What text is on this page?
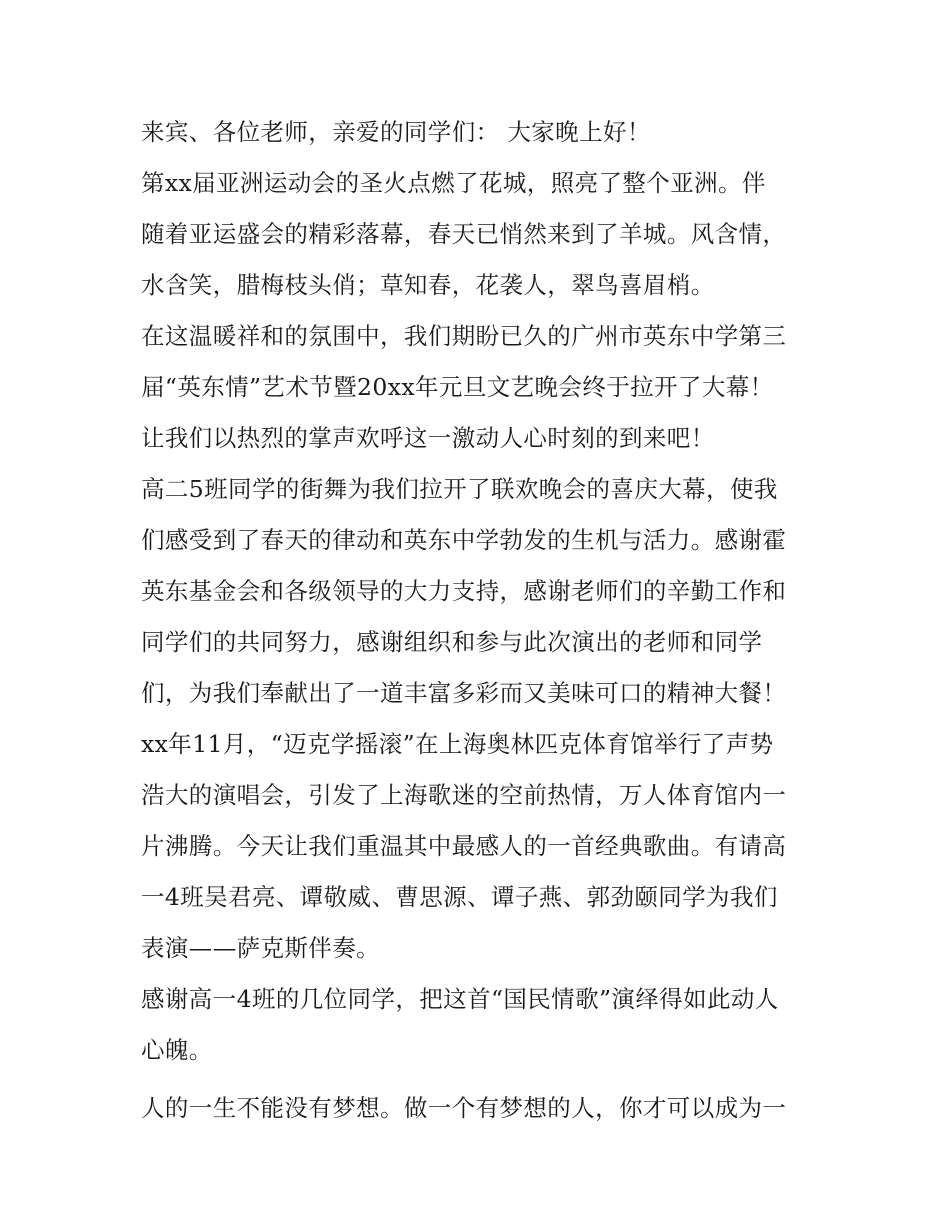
来宾、各位老师，亲爱的同学们： 大家晚上好！
第xx届亚洲运动会的圣火点燃了花城，照亮了整个亚洲。伴
随着亚运盛会的精彩落幕，春天已悄然来到了羊城。风含情，
水含笑，腊梅枝头俏；草知春，花袭人，翠鸟喜眉梢。
在这温暖祥和的氛围中，我们期盼已久的广州市英东中学第三
届“英东情”艺术节暨20xx年元旦文艺晚会终于拉开了大幕！
让我们以热烈的掌声欢呼这一激动人心时刻的到来吧！
高二5班同学的街舞为我们拉开了联欢晚会的喜庆大幕，使我
们感受到了春天的律动和英东中学勃发的生机与活力。感谢霍
英东基金会和各级领导的大力支持，感谢老师们的辛勤工作和
同学们的共同努力，感谢组织和参与此次演出的老师和同学
们，为我们奉献出了一道丰富多彩而又美味可口的精神大餐！
xx年11月，“迈克学摇滚”在上海奥林匹克体育馆举行了声势
浩大的演唱会，引发了上海歌迷的空前热情，万人体育馆内一
片沸腾。今天让我们重温其中最感人的一首经典歌曲。有请高
一4班吴君亮、谭敬威、曹思源、谭子燕、郭劲颐同学为我们
表演——萨克斯伴奏。
感谢高一4班的几位同学，把这首“国民情歌”演绎得如此动人
心魄。
人的一生不能没有梦想。做一个有梦想的人，你才可以成为一
